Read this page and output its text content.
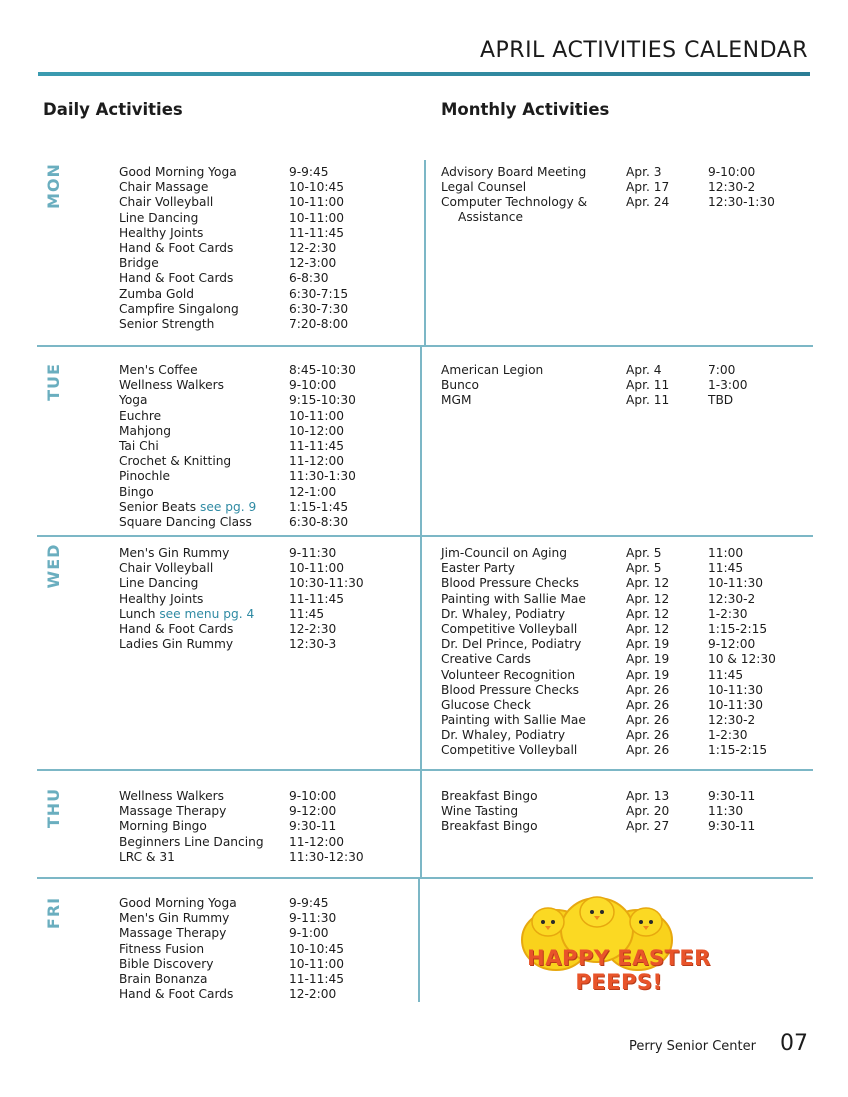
APRIL ACTIVITIES CALENDAR
Daily Activities	Monthly Activities
MON
TUE
WED
THU
FRI
Good Morning Yoga	9-9:45
Chair Massage	10-10:45
Chair Volleyball	10-11:00
Line Dancing	10-11:00
Healthy Joints	11-11:45
Hand & Foot Cards	12-2:30
Bridge	12-3:00
Hand & Foot Cards	6-8:30
Zumba Gold	6:30-7:15
Campfire Singalong	6:30-7:30
Senior Strength	7:20-8:00
Advisory Board Meeting	Apr. 3	9-10:00
Legal Counsel	Apr. 17	12:30-2
Computer Technology &	Apr. 24	12:30-1:30
Assistance
Men's Coffee	8:45-10:30
Wellness Walkers	9-10:00
Yoga	9:15-10:30
Euchre	10-11:00
Mahjong	10-12:00
Tai Chi	11-11:45
Crochet & Knitting	11-12:00
Pinochle	11:30-1:30
Bingo	12-1:00
Senior Beats see pg. 9	1:15-1:45
Square Dancing Class	6:30-8:30
American Legion	Apr. 4	7:00
Bunco	Apr. 11	1-3:00
MGM	Apr. 11	TBD
Men's Gin Rummy	9-11:30
Chair Volleyball	10-11:00
Line Dancing	10:30-11:30
Healthy Joints	11-11:45
Lunch see menu pg. 4	11:45
Hand & Foot Cards	12-2:30
Ladies Gin Rummy	12:30-3
Jim-Council on Aging	Apr. 5	11:00
Easter Party	Apr. 5	11:45
Blood Pressure Checks	Apr. 12	10-11:30
Painting with Sallie Mae	Apr. 12	12:30-2
Dr. Whaley, Podiatry	Apr. 12	1-2:30
Competitive Volleyball	Apr. 12	1:15-2:15
Dr. Del Prince, Podiatry	Apr. 19	9-12:00
Creative Cards	Apr. 19	10 & 12:30
Volunteer Recognition	Apr. 19	11:45
Blood Pressure Checks	Apr. 26	10-11:30
Glucose Check	Apr. 26	10-11:30
Painting with Sallie Mae	Apr. 26	12:30-2
Dr. Whaley, Podiatry	Apr. 26	1-2:30
Competitive Volleyball	Apr. 26	1:15-2:15
Wellness Walkers	9-10:00
Massage Therapy	9-12:00
Morning Bingo	9:30-11
Beginners Line Dancing 11-12:00
LRC & 31	11:30-12:30
Breakfast Bingo	Apr. 13	9:30-11
Wine Tasting	Apr. 20	11:30
Breakfast Bingo	Apr. 27	9:30-11
Good Morning Yoga	9-9:45
Men's Gin Rummy	9-11:30
Massage Therapy	9-1:00
Fitness Fusion	10-10:45
Bible Discovery	10-11:00
Brain Bonanza	11-11:45
Hand & Foot Cards	12-2:00
HAPPY EASTER PEEPS!
Perry Senior Center 07
